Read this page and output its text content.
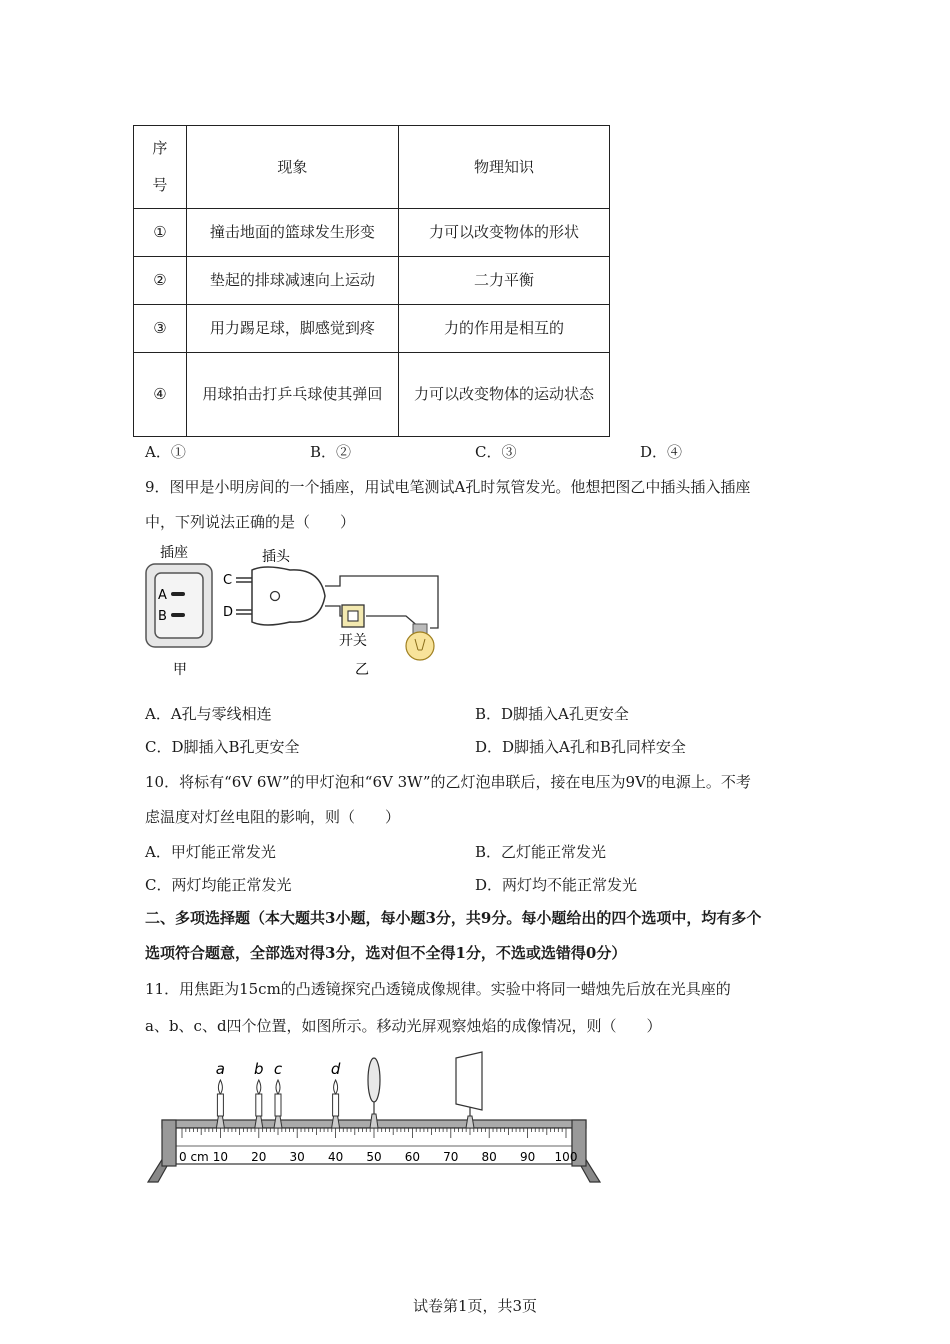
序号	现象	物理知识
①	撞击地面的篮球发生形变	力可以改变物体的形状
②	垫起的排球减速向上运动	二力平衡
③	用力踢足球，脚感觉到疼	力的作用是相互的
④	用球拍击打乒乓球使其弹回	力可以改变物体的运动状态
A．①	B．②	C．③	D．④
9．图甲是小明房间的一个插座，用试电笔测试A孔时氖管发光。他想把图乙中插头插入插座
中，下列说法正确的是（　　）
插座
A
B
甲
插头
C
D
开关
乙
A．A孔与零线相连	B．D脚插入A孔更安全
C．D脚插入B孔更安全	D．D脚插入A孔和B孔同样安全
10．将标有“6V 6W”的甲灯泡和“6V 3W”的乙灯泡串联后，接在电压为9V的电源上。不考
虑温度对灯丝电阻的影响，则（　　）
A．甲灯能正常发光	B．乙灯能正常发光
C．两灯均能正常发光	D．两灯均不能正常发光
二、多项选择题（本大题共3小题，每小题3分，共9分。每小题给出的四个选项中，均有多个
选项符合题意，全部选对得3分，选对但不全得1分，不选或选错得0分）
11．用焦距为15cm的凸透镜探究凸透镜成像规律。实验中将同一蜡烛先后放在光具座的
a、b、c、d四个位置，如图所示。移动光屏观察烛焰的成像情况，则（　　）
0 cm 10 20 30 40 50 60 70 80 90 100
a b c	d
试卷第1页，共3页
